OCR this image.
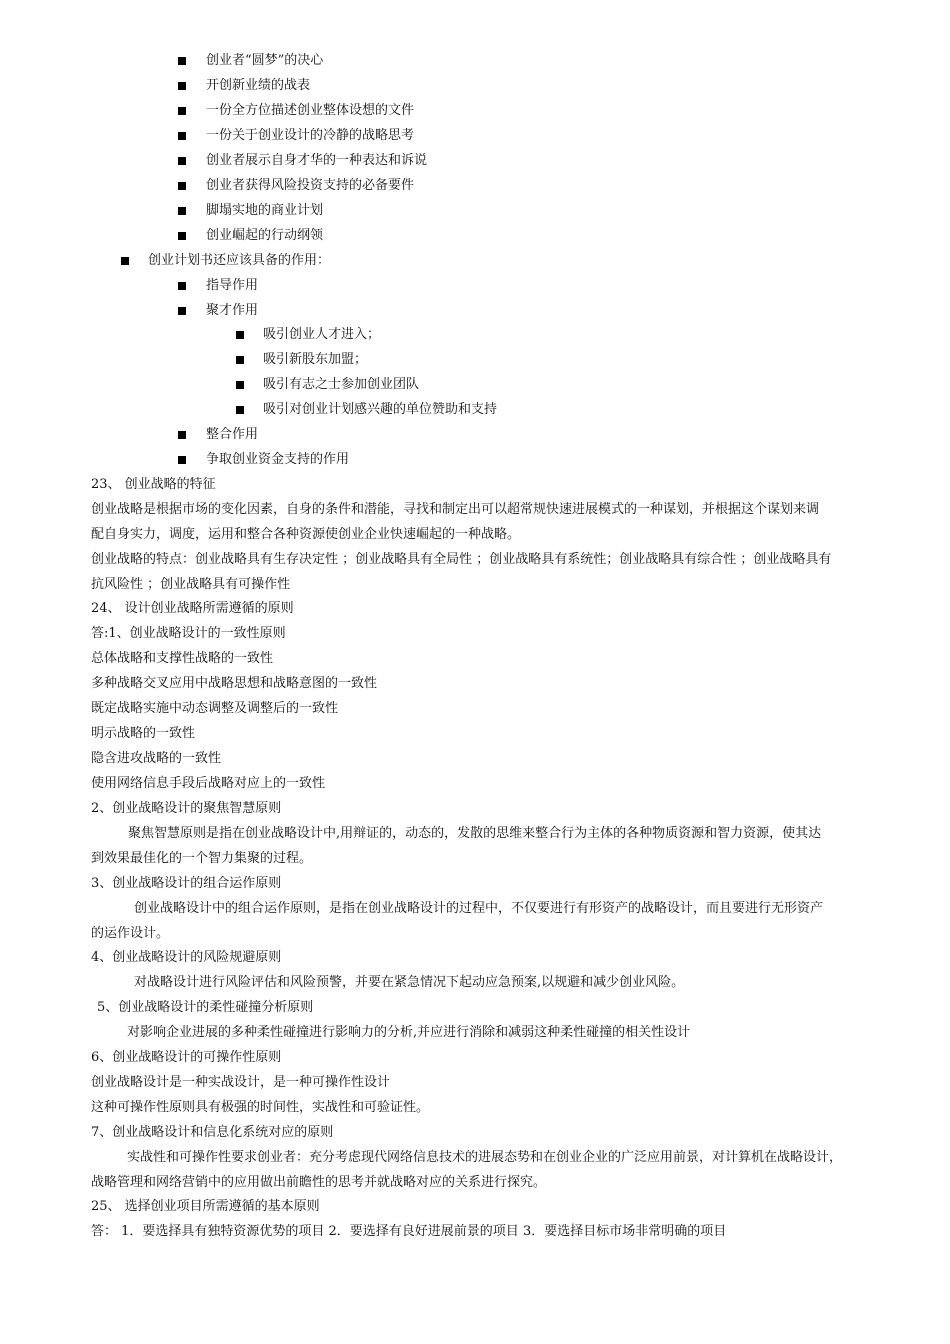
创业者“圆梦”的决心
开创新业绩的战表
一份全方位描述创业整体设想的文件
一份关于创业设计的冷静的战略思考
创业者展示自身才华的一种表达和诉说
创业者获得风险投资支持的必备要件
脚塌实地的商业计划
创业崛起的行动纲领
创业计划书还应该具备的作用：
指导作用
聚才作用
吸引创业人才进入；
吸引新股东加盟；
吸引有志之士参加创业团队
吸引对创业计划感兴趣的单位赞助和支持
整合作用
争取创业资金支持的作用
23、 创业战略的特征
创业战略是根据市场的变化因素，自身的条件和潜能，寻找和制定出可以超常规快速进展模式的一种谋划，并根据这个谋划来调
配自身实力，调度，运用和整合各种资源使创业企业快速崛起的一种战略。
创业战略的特点：创业战略具有生存决定性 ；创业战略具有全局性 ；创业战略具有系统性；创业战略具有综合性 ；创业战略具有
抗风险性 ；创业战略具有可操作性
24、 设计创业战略所需遵循的原则
答:1、创业战略设计的一致性原则
总体战略和支撑性战略的一致性
多种战略交叉应用中战略思想和战略意图的一致性
既定战略实施中动态调整及调整后的一致性
明示战略的一致性
隐含进攻战略的一致性
使用网络信息手段后战略对应上的一致性
2、创业战略设计的聚焦智慧原则
聚焦智慧原则是指在创业战略设计中,用辩证的，动态的，发散的思维来整合行为主体的各种物质资源和智力资源，使其达
到效果最佳化的一个智力集聚的过程。
3、创业战略设计的组合运作原则
创业战略设计中的组合运作原则，是指在创业战略设计的过程中，不仅要进行有形资产的战略设计，而且要进行无形资产
的运作设计。
4、创业战略设计的风险规避原则
对战略设计进行风险评估和风险预警，并要在紧急情况下起动应急预案,以规避和减少创业风险。
5、创业战略设计的柔性碰撞分析原则
对影响企业进展的多种柔性碰撞进行影响力的分析,并应进行消除和减弱这种柔性碰撞的相关性设计
6、创业战略设计的可操作性原则
创业战略设计是一种实战设计，是一种可操作性设计
这种可操作性原则具有极强的时间性，实战性和可验证性。
7、创业战略设计和信息化系统对应的原则
实战性和可操作性要求创业者：充分考虑现代网络信息技术的进展态势和在创业企业的广泛应用前景，对计算机在战略设计，
战略管理和网络营销中的应用做出前瞻性的思考并就战略对应的关系进行探究。
25、 选择创业项目所需遵循的基本原则
答： 1．要选择具有独特资源优势的项目 2．要选择有良好进展前景的项目 3．要选择目标市场非常明确的项目
